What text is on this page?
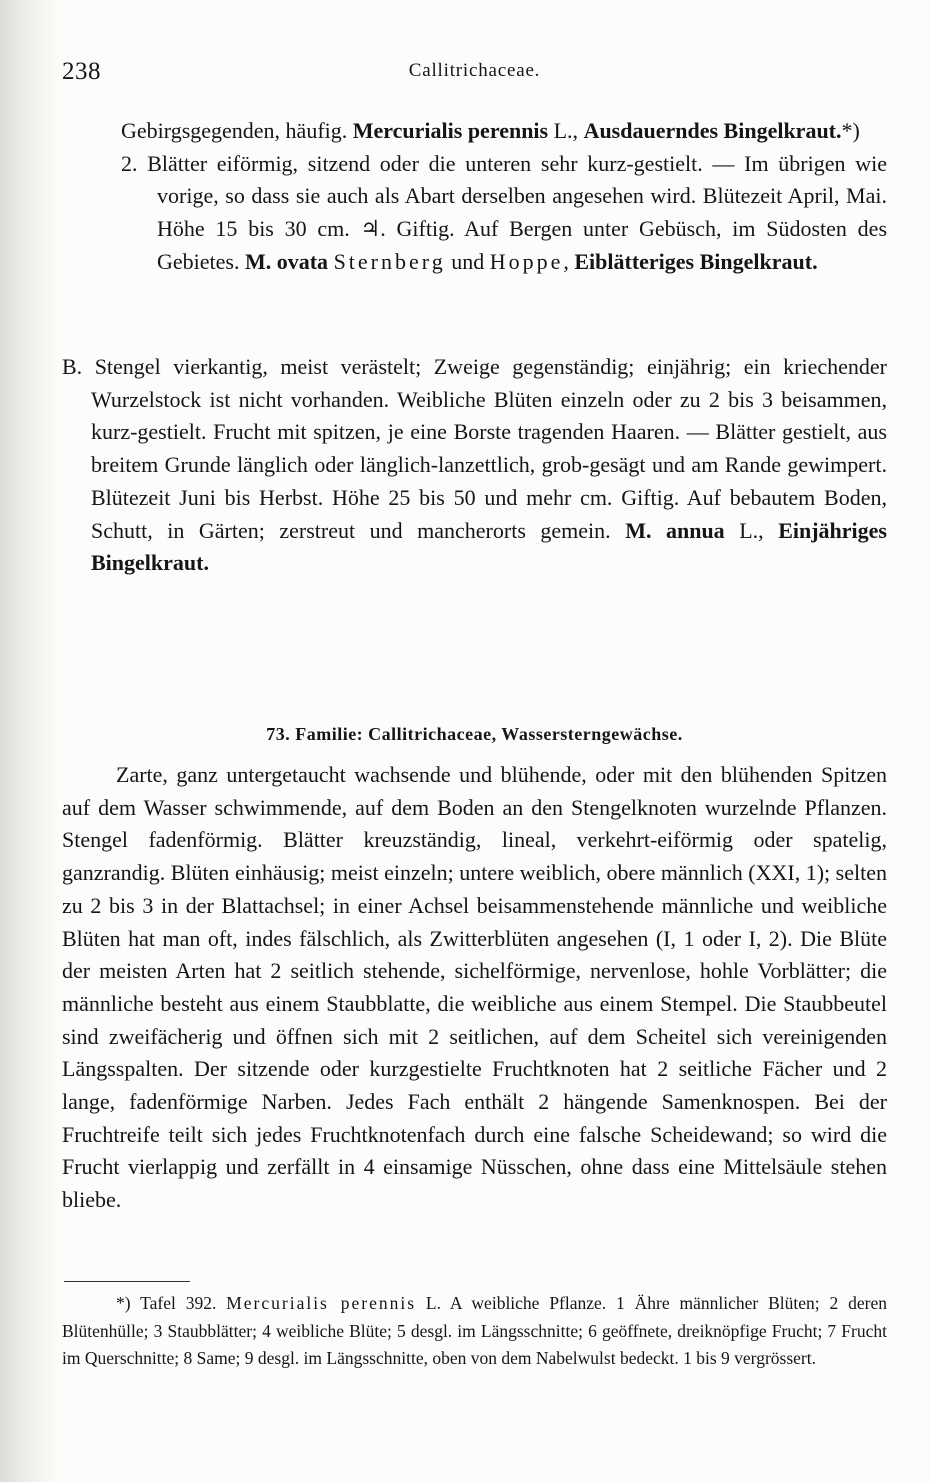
238	Callitrichaceae.

Gebirgsgegenden, häufig. Mercurialis perennis L., Ausdauerndes Bingelkraut.*)

2. Blätter eiförmig, sitzend oder die unteren sehr kurz-gestielt. — Im übrigen wie vorige, so dass sie auch als Abart derselben angesehen wird. Blütezeit April, Mai. Höhe 15 bis 30 cm. ♃. Giftig. Auf Bergen unter Gebüsch, im Südosten des Gebietes. M. ovata Sternberg und Hoppe, Eiblätteriges Bingelkraut.

B. Stengel vierkantig, meist verästelt; Zweige gegenständig; einjährig; ein kriechender Wurzelstock ist nicht vorhanden. Weibliche Blüten einzeln oder zu 2 bis 3 beisammen, kurz-gestielt. Frucht mit spitzen, je eine Borste tragenden Haaren. — Blätter gestielt, aus breitem Grunde länglich oder länglich-lanzettlich, grob-gesägt und am Rande gewimpert. Blütezeit Juni bis Herbst. Höhe 25 bis 50 und mehr cm. Giftig. Auf bebautem Boden, Schutt, in Gärten; zerstreut und mancherorts gemein. M. annua L., Einjähriges Bingelkraut.

73. Familie: Callitrichaceae, Wassersterngewächse.

Zarte, ganz untergetaucht wachsende und blühende, oder mit den blühenden Spitzen auf dem Wasser schwimmende, auf dem Boden an den Stengelknoten wurzelnde Pflanzen. Stengel fadenförmig. Blätter kreuzständig, lineal, verkehrt-eiförmig oder spatelig, ganzrandig. Blüten einhäusig; meist einzeln; untere weiblich, obere männlich (XXI, 1); selten zu 2 bis 3 in der Blattachsel; in einer Achsel beisammenstehende männliche und weibliche Blüten hat man oft, indes fälschlich, als Zwitterblüten angesehen (I, 1 oder I, 2). Die Blüte der meisten Arten hat 2 seitlich stehende, sichelförmige, nervenlose, hohle Vorblätter; die männliche besteht aus einem Staubblatte, die weibliche aus einem Stempel. Die Staubbeutel sind zweifächerig und öffnen sich mit 2 seitlichen, auf dem Scheitel sich vereinigenden Längsspalten. Der sitzende oder kurzgestielte Fruchtknoten hat 2 seitliche Fächer und 2 lange, fadenförmige Narben. Jedes Fach enthält 2 hängende Samenknospen. Bei der Fruchtreife teilt sich jedes Fruchtknotenfach durch eine falsche Scheidewand; so wird die Frucht vierlappig und zerfällt in 4 einsamige Nüsschen, ohne dass eine Mittelsäule stehen bliebe.

*) Tafel 392. Mercurialis perennis L. A weibliche Pflanze. 1 Ähre männlicher Blüten; 2 deren Blütenhülle; 3 Staubblätter; 4 weibliche Blüte; 5 desgl. im Längsschnitte; 6 geöffnete, dreiknöpfige Frucht; 7 Frucht im Querschnitte; 8 Same; 9 desgl. im Längsschnitte, oben von dem Nabelwulst bedeckt. 1 bis 9 vergrössert.
